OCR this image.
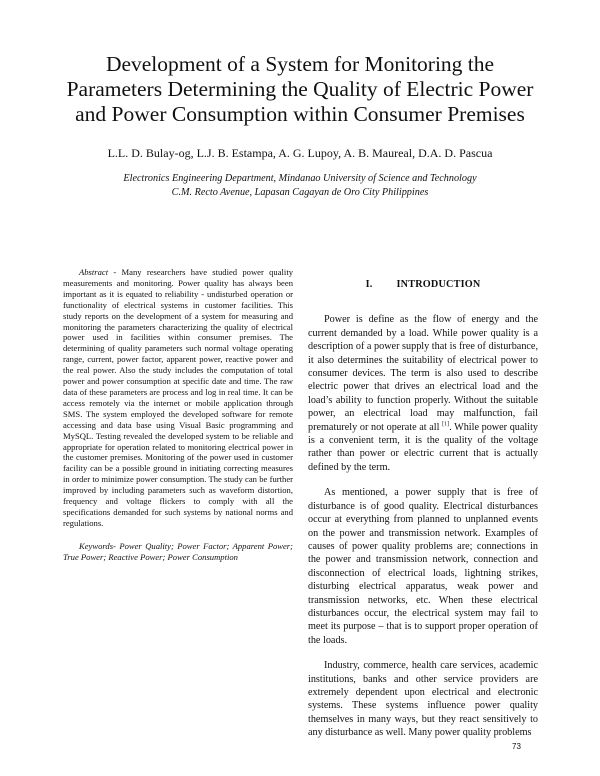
Development of a System for Monitoring the
Parameters Determining the Quality of Electric Power
and Power Consumption within Consumer Premises
L.L. D. Bulay-og, L.J. B. Estampa, A. G. Lupoy, A. B. Maureal, D.A. D. Pascua
Electronics Engineering Department, Mindanao University of Science and Technology
C.M. Recto Avenue, Lapasan Cagayan de Oro City Philippines

Abstract - Many researchers have studied power quality measurements and monitoring. Power quality has always been important as it is equated to reliability - undisturbed operation or functionality of electrical systems in customer facilities. This study reports on the development of a system for measuring and monitoring the parameters characterizing the quality of electrical power used in facilities within consumer premises. The determining of quality parameters such normal voltage operating range, current, power factor, apparent power, reactive power and the real power. Also the study includes the computation of total power and power consumption at specific date and time. The raw data of these parameters are process and log in real time. It can be access remotely via the internet or mobile application through SMS. The system employed the developed software for remote accessing and data base using Visual Basic programming and MySQL. Testing revealed the developed system to be reliable and appropriate for operation related to monitoring electrical power in the customer premises. Monitoring of the power used in customer facility can be a possible ground in initiating correcting measures in order to minimize power consumption. The study can be further improved by including parameters such as waveform distortion, frequency and voltage flickers to comply with all the specifications demanded for such systems by national norms and regulations.

Keywords- Power Quality; Power Factor; Apparent Power; True Power; Reactive Power; Power Consumption

I. INTRODUCTION

Power is define as the flow of energy and the current demanded by a load. While power quality is a description of a power supply that is free of disturbance, it also determines the suitability of electrical power to consumer devices. The term is also used to describe electric power that drives an electrical load and the load’s ability to function properly. Without the suitable power, an electrical load may malfunction, fail prematurely or not operate at all [1]. While power quality is a convenient term, it is the quality of the voltage rather than power or electric current that is actually defined by the term.

As mentioned, a power supply that is free of disturbance is of good quality. Electrical disturbances occur at everything from planned to unplanned events on the power and transmission network. Examples of causes of power quality problems are; connections in the power and transmission network, connection and disconnection of electrical loads, lightning strikes, disturbing electrical apparatus, weak power and transmission networks, etc. When these electrical disturbances occur, the electrical system may fail to meet its purpose – that is to support proper operation of the loads.

Industry, commerce, health care services, academic institutions, banks and other service providers are extremely dependent upon electrical and electronic systems. These systems influence power quality themselves in many ways, but they react sensitively to any disturbance as well. Many power quality problems

73
